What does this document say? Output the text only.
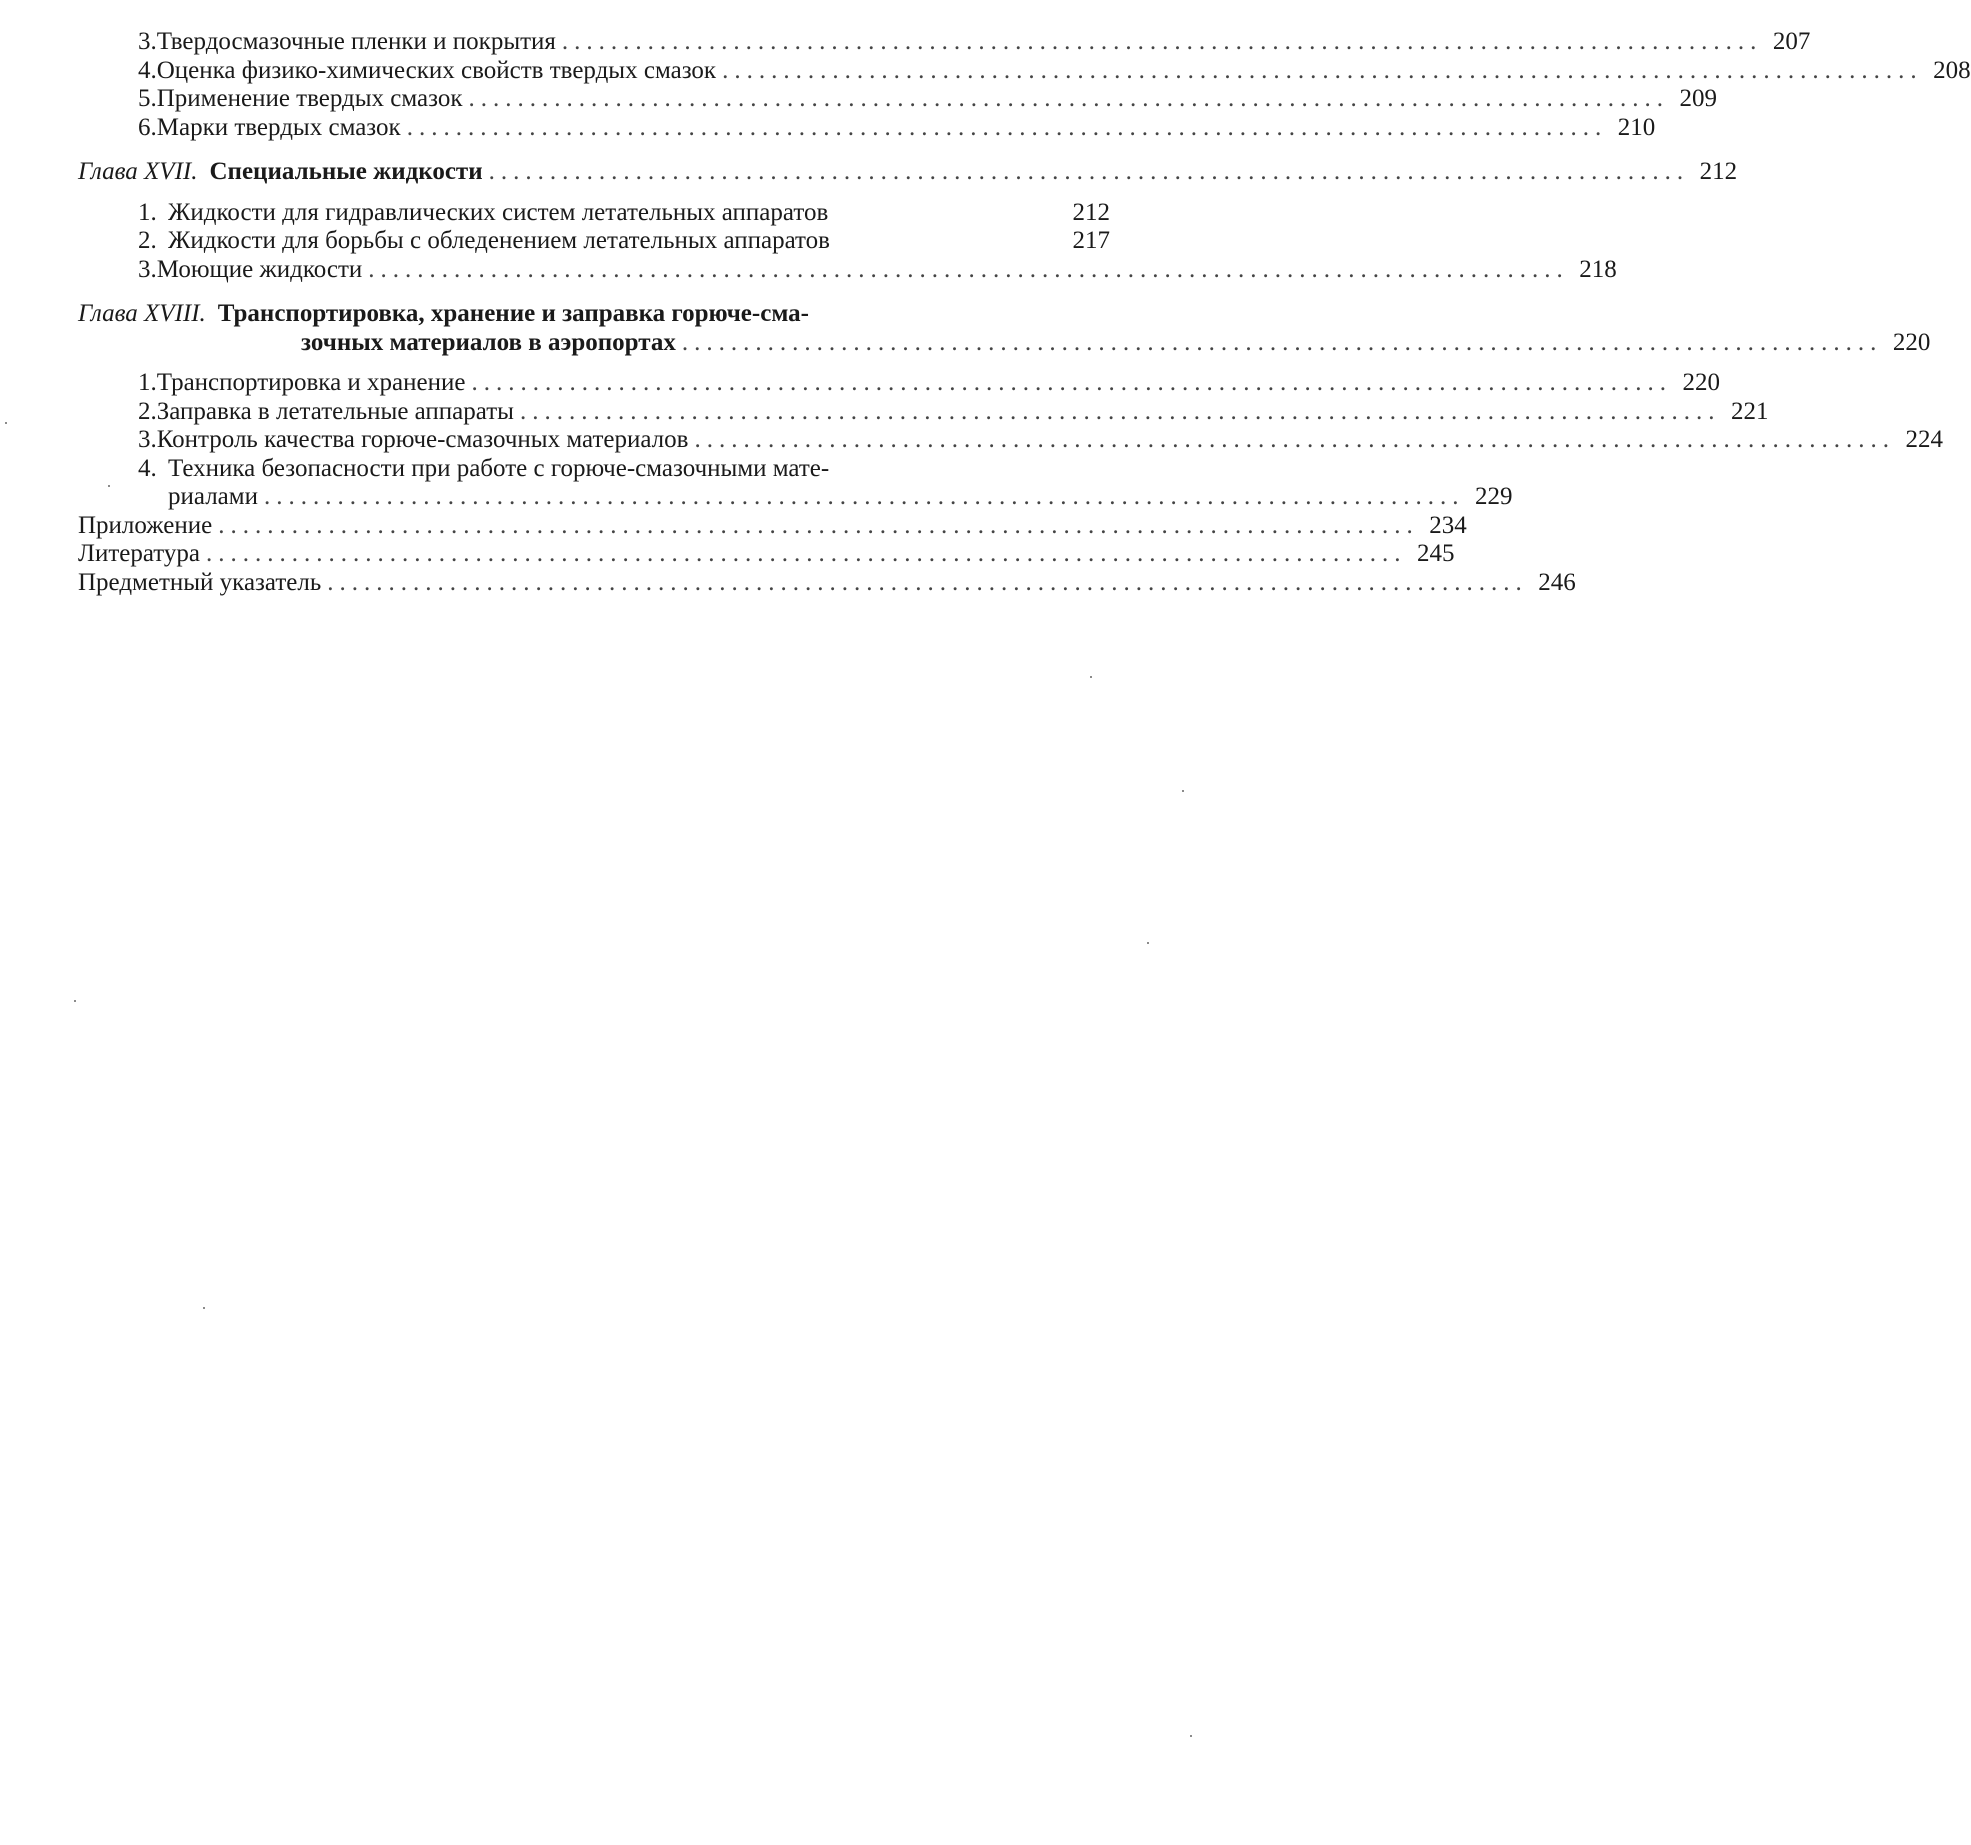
3. Твердосмазочные пленки и покрытия .................................................................................................. 207
4. Оценка физико-химических свойств твердых смазок .................................................................................................. 208
5. Применение твердых смазок .................................................................................................. 209
6. Марки твердых смазок .................................................................................................. 210
Глава XVII. Специальные жидкости .................................................................................................. 212
1. Жидкости для гидравлических систем летательных аппаратов	212
2. Жидкости для борьбы с обледенением летательных аппаратов	217
3. Моющие жидкости .................................................................................................. 218
Глава XVIII. Транспортировка, хранение и заправка горюче-сма-
зочных материалов в аэропортах .................................................................................................. 220
1. Транспортировка и хранение .................................................................................................. 220
2. Заправка в летательные аппараты .................................................................................................. 221
3. Контроль качества горюче-смазочных материалов .................................................................................................. 224
4. Техника безопасности при работе с горюче-смазочными мате-
риалами .................................................................................................. 229
Приложение .................................................................................................. 234
Литература .................................................................................................. 245
Предметный указатель .................................................................................................. 246
